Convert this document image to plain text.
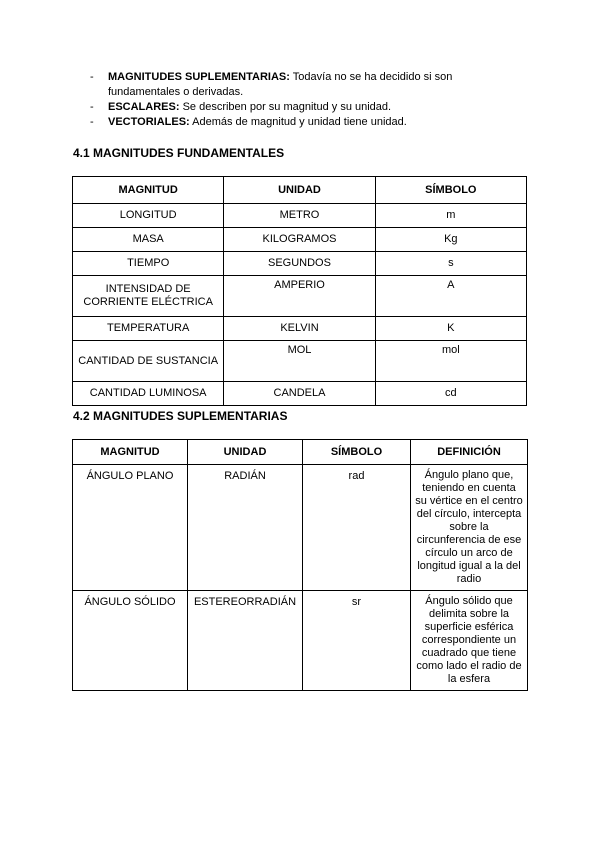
- MAGNITUDES SUPLEMENTARIAS: Todavía no se ha decidido si son fundamentales o derivadas.
- ESCALARES: Se describen por su magnitud y su unidad.
- VECTORIALES: Además de magnitud y unidad tiene unidad.
4.1 MAGNITUDES FUNDAMENTALES
MAGNITUD	UNIDAD	SÍMBOLO
LONGITUD	METRO	m
MASA	KILOGRAMOS	Kg
TIEMPO	SEGUNDOS	s
INTENSIDAD DE CORRIENTE ELÉCTRICA	AMPERIO	A
TEMPERATURA	KELVIN	K
CANTIDAD DE SUSTANCIA	MOL	mol
CANTIDAD LUMINOSA	CANDELA	cd
4.2 MAGNITUDES SUPLEMENTARIAS
MAGNITUD	UNIDAD	SÍMBOLO	DEFINICIÓN
ÁNGULO PLANO	RADIÁN	rad	Ángulo plano que, teniendo en cuenta su vértice en el centro del círculo, intercepta sobre la circunferencia de ese círculo un arco de longitud igual a la del radio
ÁNGULO SÓLIDO	ESTEREORRADIÁN	sr	Ángulo sólido que delimita sobre la superficie esférica correspondiente un cuadrado que tiene como lado el radio de la esfera
